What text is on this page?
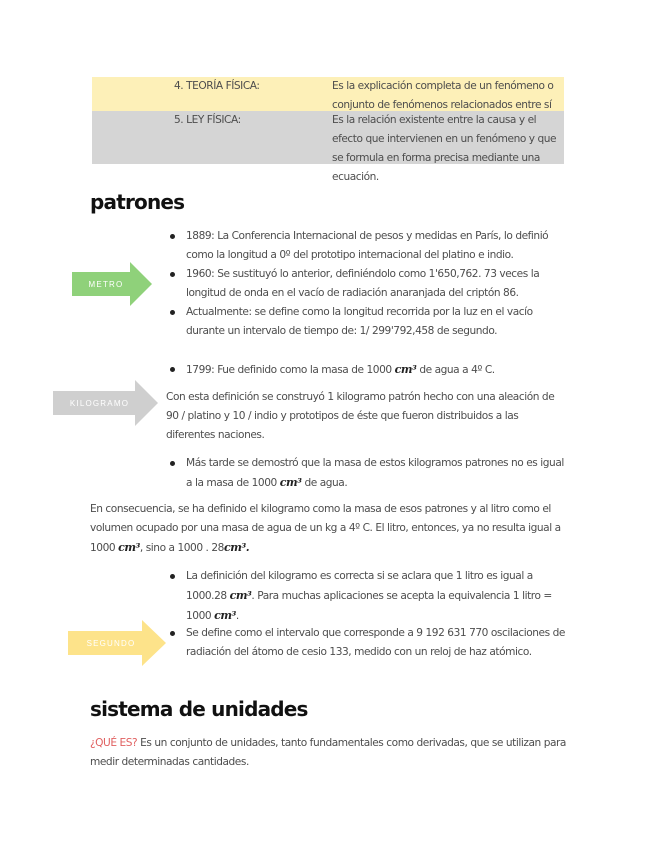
4. TEORÍA FÍSICA:	Es la explicación completa de un fenómeno o conjunto de fenómenos relacionados entre sí
5. LEY FÍSICA:	Es la relación existente entre la causa y el efecto que intervienen en un fenómeno y que se formula en forma precisa mediante una ecuación.
patrones
METRO
1889: La Conferencia Internacional de pesos y medidas en París, lo definió como la longitud a 0º del prototipo internacional del platino e indio.
1960: Se sustituyó lo anterior, definiéndolo como 1'650,762. 73 veces la longitud de onda en el vacío de radiación anaranjada del criptón 86.
Actualmente: se define como la longitud recorrida por la luz en el vacío durante un intervalo de tiempo de: 1/ 299'792,458 de segundo.
1799: Fue definido como la masa de 1000 cm³ de agua a 4º C.
KILOGRAMO	Con esta definición se construyó 1 kilogramo patrón hecho con una aleación de 90 / platino y 10 / indio y prototipos de éste que fueron distribuidos a las diferentes naciones.
Más tarde se demostró que la masa de estos kilogramos patrones no es igual a la masa de 1000 cm³ de agua.
En consecuencia, se ha definido el kilogramo como la masa de esos patrones y al litro como el volumen ocupado por una masa de agua de un kg a 4º C. El litro, entonces, ya no resulta igual a 1000 cm³, sino a 1000 . 28cm³.
La definición del kilogramo es correcta si se aclara que 1 litro es igual a 1000.28 cm³. Para muchas aplicaciones se acepta la equivalencia 1 litro = 1000 cm³.
SEGUNDO
Se define como el intervalo que corresponde a 9 192 631 770 oscilaciones de radiación del átomo de cesio 133, medido con un reloj de haz atómico.
sistema de unidades
¿QUÉ ES? Es un conjunto de unidades, tanto fundamentales como derivadas, que se utilizan para medir determinadas cantidades.
